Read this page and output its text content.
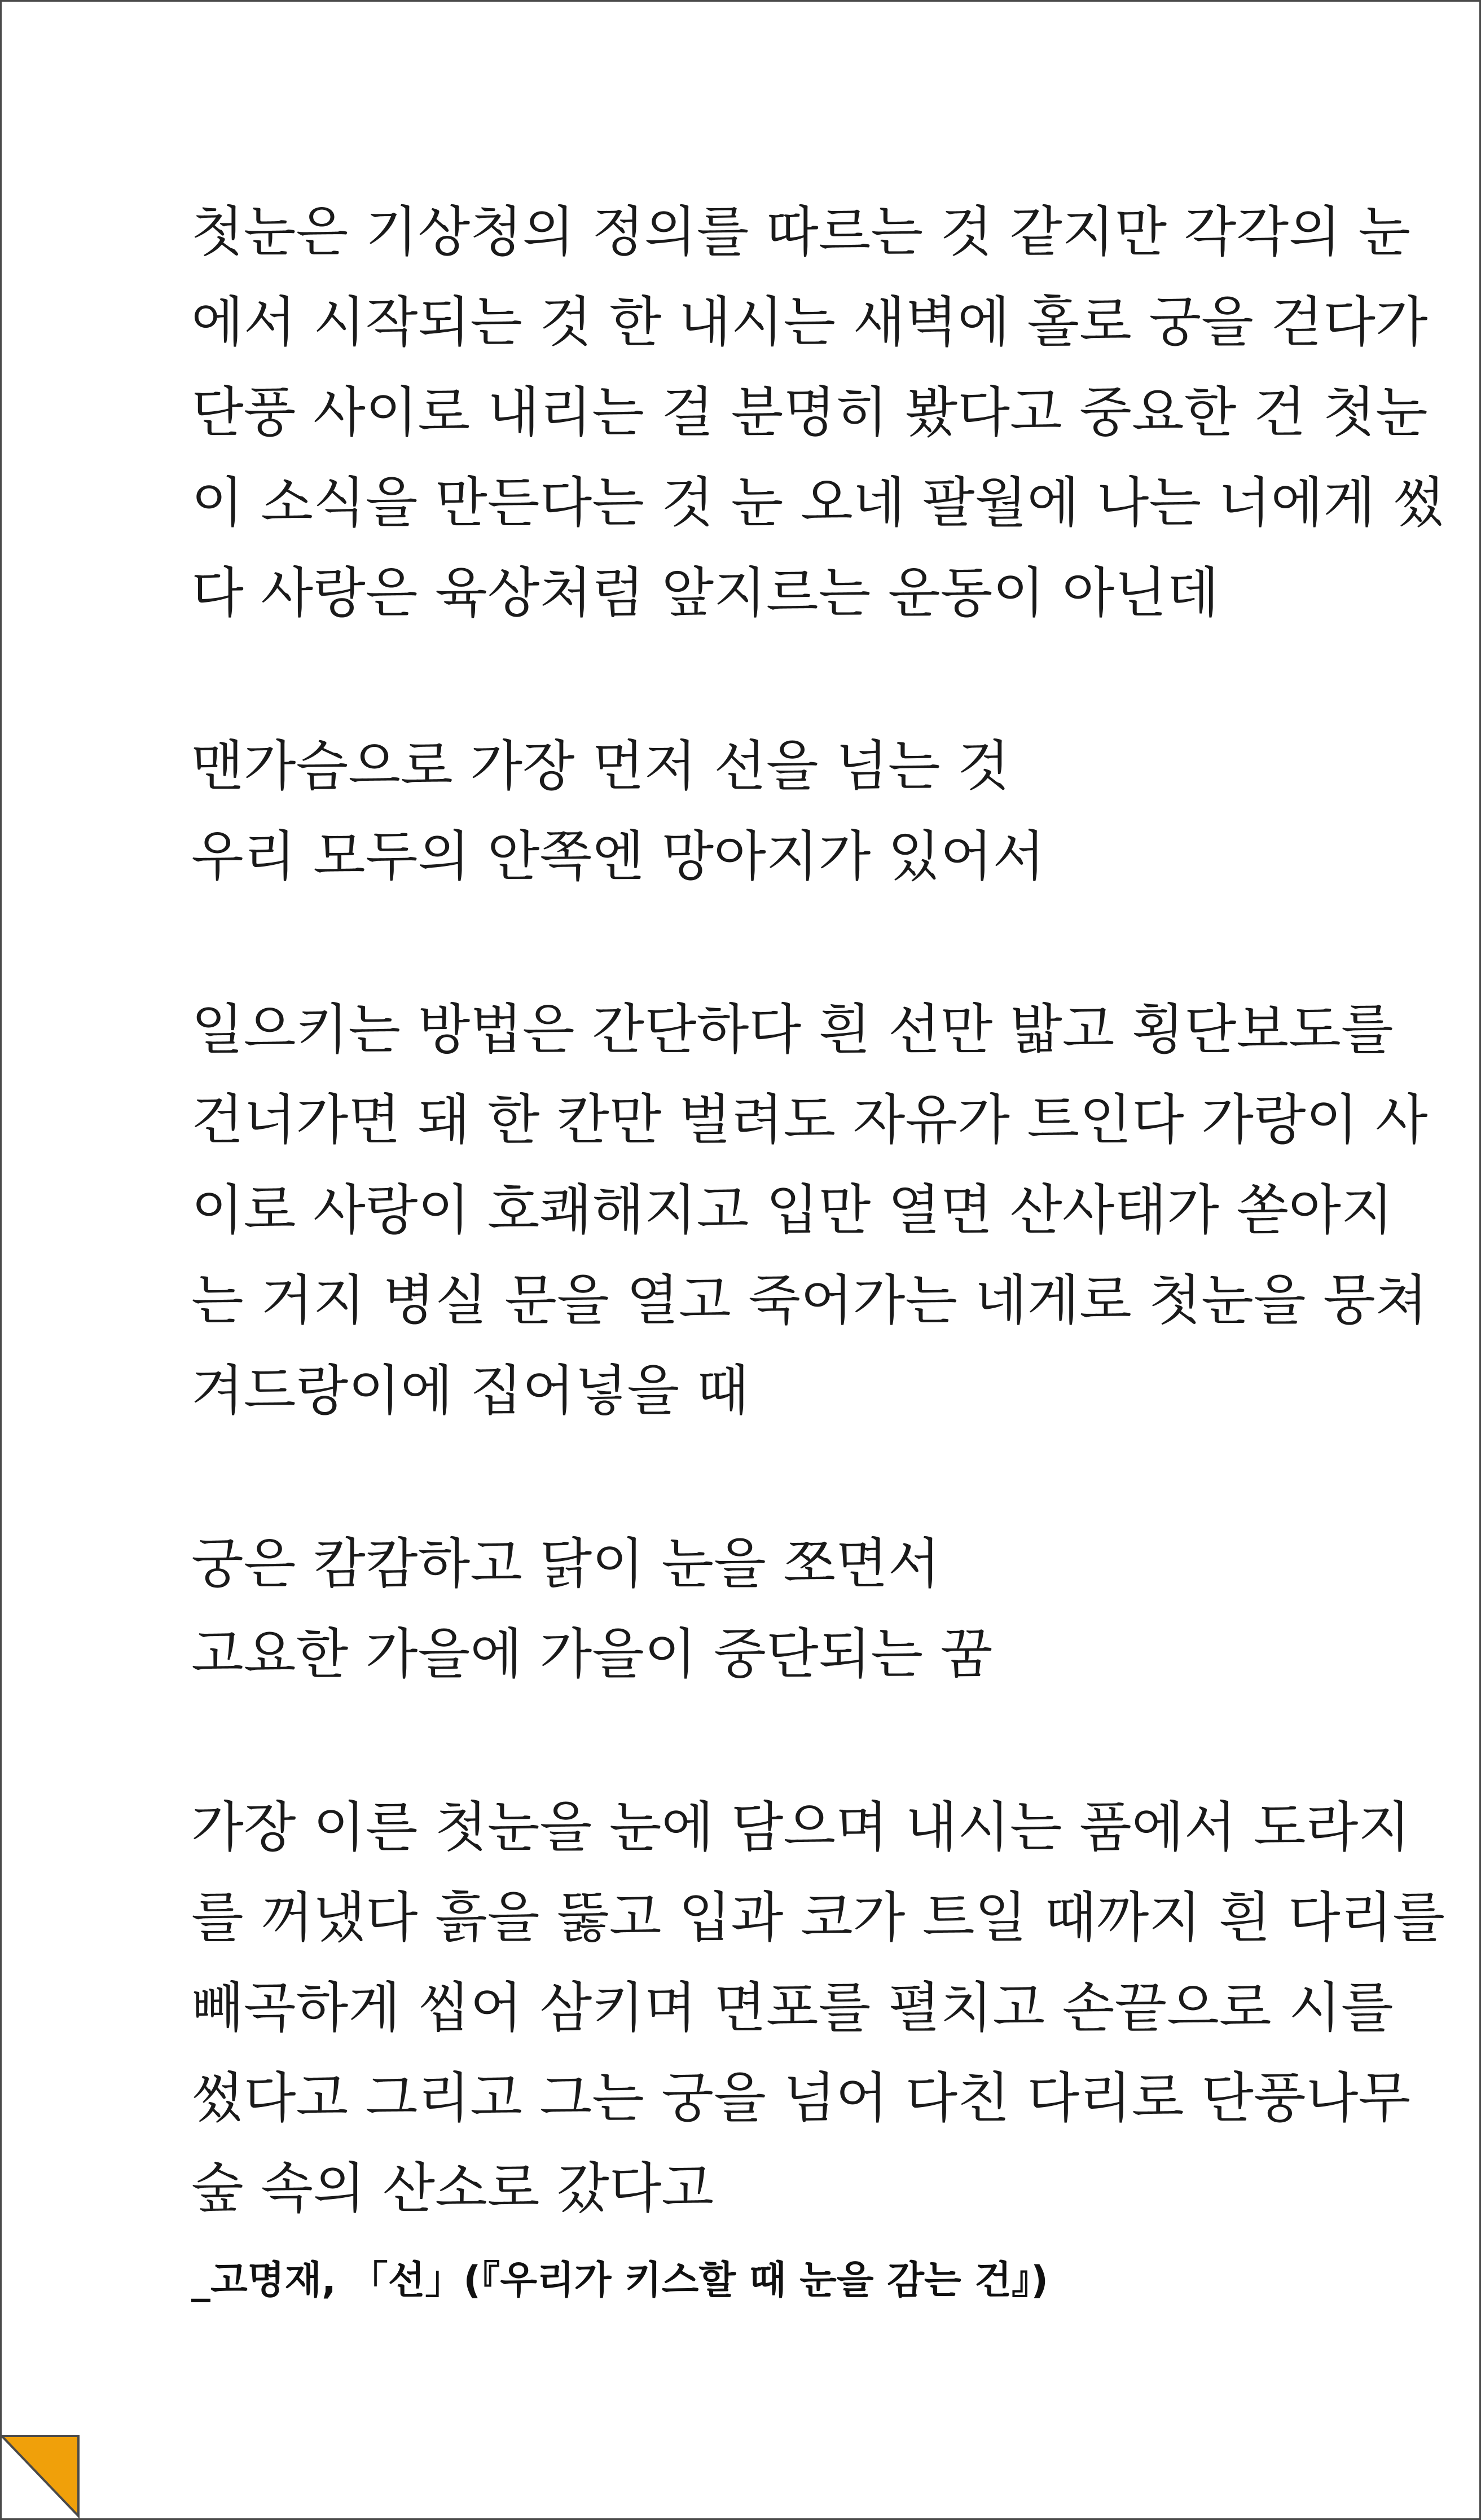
첫눈은 기상청의 정의를 따르는 것 같지만 각각의 눈
에서 시작되는 것 한 내시는 새벽에 홀로 궁을 걷다가
단풍 사이로 내리는 걸 분명히 봤다고 중요한 건 첫눈
이 소식을 만든다는 것 눈 오네 팔월에 나는 너에게 썼
다 사랑은 육상처럼 앞지르는 운동이 아닌데
맨가슴으로 가장 먼저 선을 넘는 것
우리 모두의 안쪽엔 망아지가 있어서
일으키는 방법은 간단하다 흰 선만 밟고 횡단보도를
건너가면 돼 한 칸만 벌려도 자유가 트인다 가랑이 사
이로 사랑이 호쾌해지고 입만 열면 산사태가 쏟아지
는 거지 병실 문을 열고 죽어가는 네게로 첫눈을 뭉쳐
겨드랑이에 집어넣을 때
궁은 캄캄하고 닭이 눈을 쪼면서
고요한 가을에 가을이 중단되는 꿈
가장 이른 첫눈을 눈에 담으며 내시는 품에서 도라지
를 꺼냈다 흙을 뚫고 입과 코가 트일 때까지 흰 다리를
빼곡하게 씹어 삼키며 면포를 펼치고 손끝으로 시를
썼다고 그리고 그는 궁을 넘어 다친 다리로 단풍나무
숲 속의 산소로 갔다고
_고명재, 「선」(『우리가 키스할 때 눈을 감는 건』)
